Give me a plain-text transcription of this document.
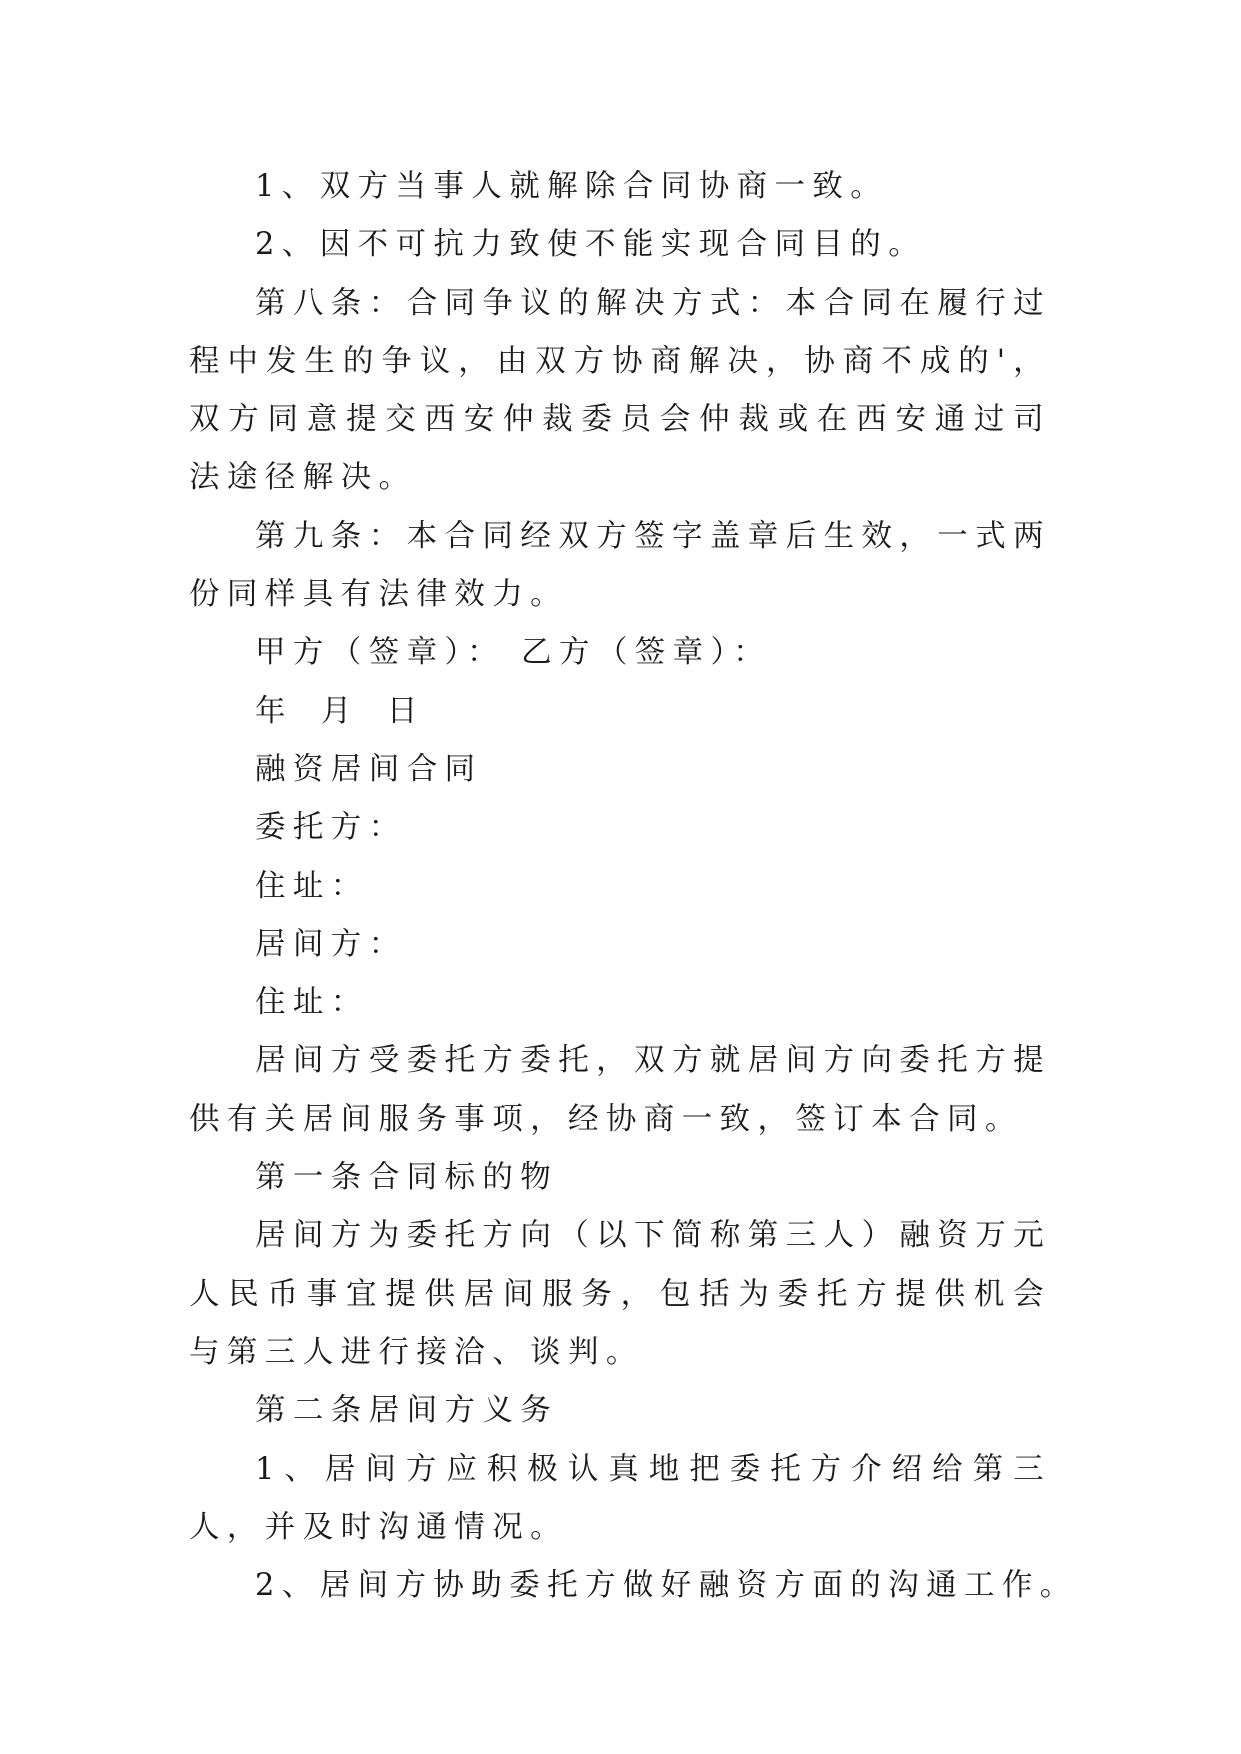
1、双方当事人就解除合同协商一致。

2、因不可抗力致使不能实现合同目的。

第八条：合同争议的解决方式：本合同在履行过程中发生的争议，由双方协商解决，协商不成的'，双方同意提交西安仲裁委员会仲裁或在西安通过司法途径解决。

第九条：本合同经双方签字盖章后生效，一式两份同样具有法律效力。

甲方（签章）： 乙方（签章）：

年 月 日

融资居间合同

委托方：

住址：

居间方：

住址：

居间方受委托方委托，双方就居间方向委托方提供有关居间服务事项，经协商一致，签订本合同。

第一条合同标的物

居间方为委托方向（以下简称第三人）融资万元人民币事宜提供居间服务，包括为委托方提供机会与第三人进行接洽、谈判。

第二条居间方义务

1、居间方应积极认真地把委托方介绍给第三人，并及时沟通情况。

2、居间方协助委托方做好融资方面的沟通工作。
